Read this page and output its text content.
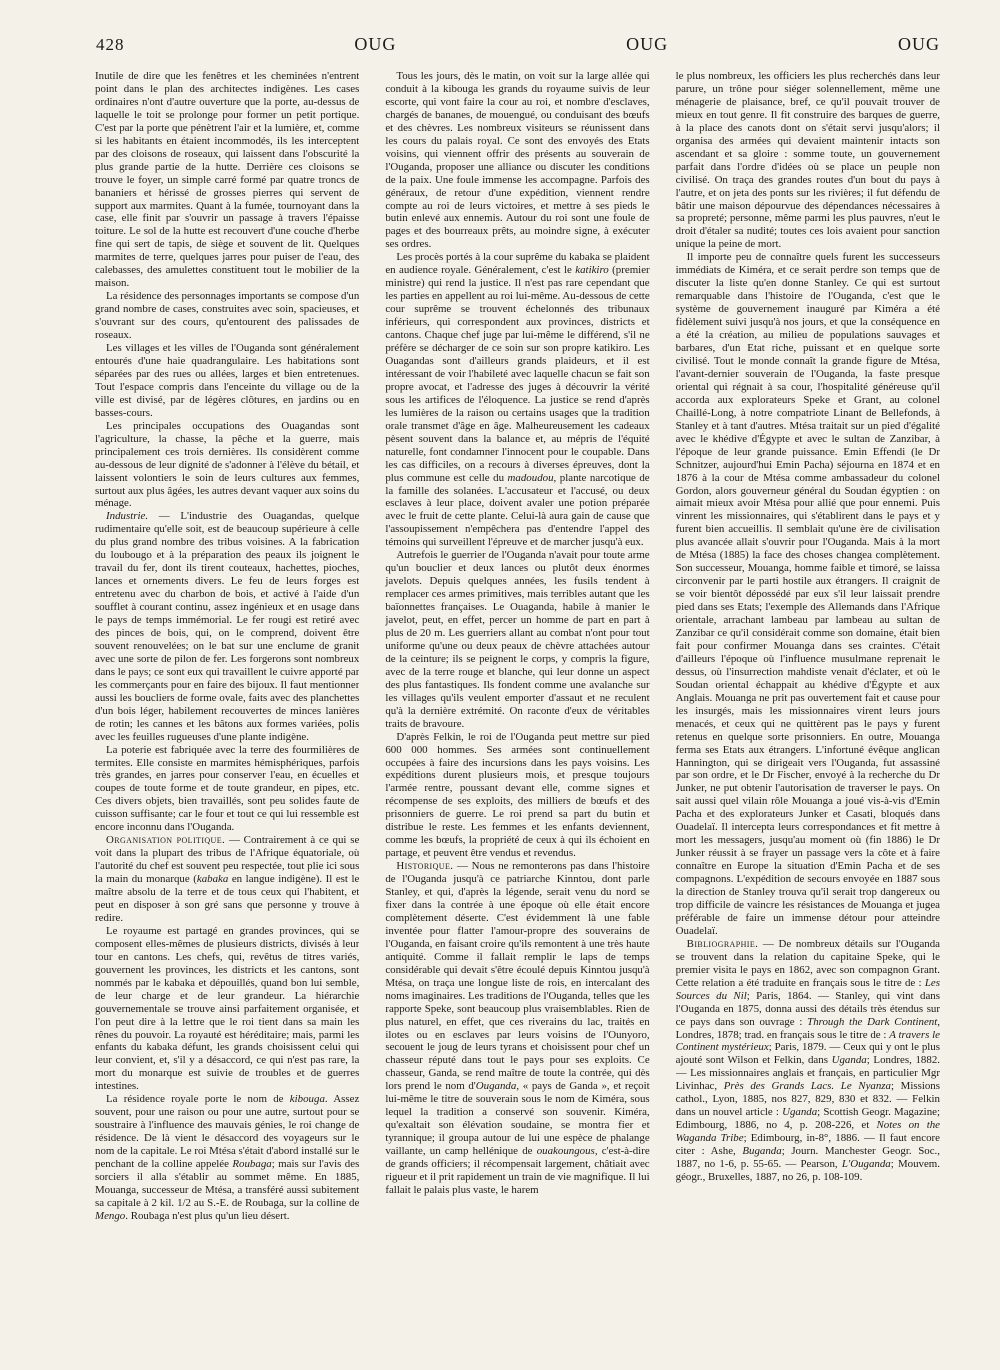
428	OUG	OUG	OUG

Inutile de dire que les fenêtres et les cheminées n'entrent point dans le plan des architectes indigènes. Les cases ordinaires n'ont d'autre ouverture que la porte, au-dessus de laquelle le toit se prolonge pour former un petit portique. C'est par la porte que pénètrent l'air et la lumière, et, comme si les habitants en étaient incommodés, ils les interceptent par des cloisons de roseaux, qui laissent dans l'obscurité la plus grande partie de la hutte. Derrière ces cloisons se trouve le foyer, un simple carré formé par quatre troncs de bananiers et hérissé de grosses pierres qui servent de support aux marmites. Quant à la fumée, tournoyant dans la case, elle finit par s'ouvrir un passage à travers l'épaisse toiture. Le sol de la hutte est recouvert d'une couche d'herbe fine qui sert de tapis, de siège et souvent de lit. Quelques marmites de terre, quelques jarres pour puiser de l'eau, des calebasses, des amulettes constituent tout le mobilier de la maison.

La résidence des personnages importants se compose d'un grand nombre de cases, construites avec soin, spacieuses, et s'ouvrant sur des cours, qu'entourent des palissades de roseaux.

Les villages et les villes de l'Ouganda sont généralement entourés d'une haie quadrangulaire. Les habitations sont séparées par des rues ou allées, larges et bien entretenues. Tout l'espace compris dans l'enceinte du village ou de la ville est divisé, par de légères clôtures, en jardins ou en basses-cours.

Les principales occupations des Ouagandas sont l'agriculture, la chasse, la pêche et la guerre, mais principalement ces trois dernières. Ils considèrent comme au-dessous de leur dignité de s'adonner à l'élève du bétail, et laissent volontiers le soin de leurs cultures aux femmes, surtout aux plus âgées, les autres devant vaquer aux soins du ménage.

Industrie. — L'industrie des Ouagandas, quelque rudimentaire qu'elle soit, est de beaucoup supérieure à celle du plus grand nombre des tribus voisines. A la fabrication du loubougo et à la préparation des peaux ils joignent le travail du fer, dont ils tirent couteaux, hachettes, pioches, lances et ornements divers. Le feu de leurs forges est entretenu avec du charbon de bois, et activé à l'aide d'un soufflet à courant continu, assez ingénieux et en usage dans le pays de temps immémorial. Le fer rougi est retiré avec des pinces de bois, qui, on le comprend, doivent être souvent renouvelées; on le bat sur une enclume de granit avec une sorte de pilon de fer. Les forgerons sont nombreux dans le pays; ce sont eux qui travaillent le cuivre apporté par les commerçants pour en faire des bijoux. Il faut mentionner aussi les boucliers de forme ovale, faits avec des planchettes d'un bois léger, habilement recouvertes de minces lanières de rotin; les cannes et les bâtons aux formes variées, polis avec les feuilles rugueuses d'une plante indigène.

La poterie est fabriquée avec la terre des fourmilières de termites. Elle consiste en marmites hémisphériques, parfois très grandes, en jarres pour conserver l'eau, en écuelles et coupes de toute forme et de toute grandeur, en pipes, etc. Ces divers objets, bien travaillés, sont peu solides faute de cuisson suffisante; car le four et tout ce qui lui ressemble est encore inconnu dans l'Ouganda.

Organisation politique. — Contrairement à ce qui se voit dans la plupart des tribus de l'Afrique équatoriale, où l'autorité du chef est souvent peu respectée, tout plie ici sous la main du monarque (kabaka en langue indigène). Il est le maître absolu de la terre et de tous ceux qui l'habitent, et peut en disposer à son gré sans que personne y trouve à redire.

Le royaume est partagé en grandes provinces, qui se composent elles-mêmes de plusieurs districts, divisés à leur tour en cantons. Les chefs, qui, revêtus de titres variés, gouvernent les provinces, les districts et les cantons, sont nommés par le kabaka et dépouillés, quand bon lui semble, de leur charge et de leur grandeur. La hiérarchie gouvernementale se trouve ainsi parfaitement organisée, et l'on peut dire à la lettre que le roi tient dans sa main les rênes du pouvoir. La royauté est héréditaire; mais, parmi les enfants du kabaka défunt, les grands choisissent celui qui leur convient, et, s'il y a désaccord, ce qui n'est pas rare, la mort du monarque est suivie de troubles et de guerres intestines.

La résidence royale porte le nom de kibouga. Assez souvent, pour une raison ou pour une autre, surtout pour se soustraire à l'influence des mauvais génies, le roi change de résidence. De là vient le désaccord des voyageurs sur le nom de la capitale. Le roi Mtésa s'était d'abord installé sur le penchant de la colline appelée Roubaga; mais sur l'avis des sorciers il alla s'établir au sommet même. En 1885, Mouanga, successeur de Mtésa, a transféré aussi subitement sa capitale à 2 kil. 1/2 au S.-E. de Roubaga, sur la colline de Mengo. Roubaga n'est plus qu'un lieu désert.

Tous les jours, dès le matin, on voit sur la large allée qui conduit à la kibouga les grands du royaume suivis de leur escorte, qui vont faire la cour au roi, et nombre d'esclaves, chargés de bananes, de mouengué, ou conduisant des bœufs et des chèvres. Les nombreux visiteurs se réunissent dans les cours du palais royal. Ce sont des envoyés des Etats voisins, qui viennent offrir des présents au souverain de l'Ouganda, proposer une alliance ou discuter les conditions de la paix. Une foule immense les accompagne. Parfois des généraux, de retour d'une expédition, viennent rendre compte au roi de leurs victoires, et mettre à ses pieds le butin enlevé aux ennemis. Autour du roi sont une foule de pages et des bourreaux prêts, au moindre signe, à exécuter ses ordres.

Les procès portés à la cour suprême du kabaka se plaident en audience royale. Généralement, c'est le katikiro (premier ministre) qui rend la justice. Il n'est pas rare cependant que les parties en appellent au roi lui-même. Au-dessous de cette cour suprême se trouvent échelonnés des tribunaux inférieurs, qui correspondent aux provinces, districts et cantons. Chaque chef juge par lui-même le différend, s'il ne préfère se décharger de ce soin sur son propre katikiro. Les Ouagandas sont d'ailleurs grands plaideurs, et il est intéressant de voir l'habileté avec laquelle chacun se fait son propre avocat, et l'adresse des juges à découvrir la vérité sous les artifices de l'éloquence. La justice se rend d'après les lumières de la raison ou certains usages que la tradition orale transmet d'âge en âge. Malheureusement les cadeaux pèsent souvent dans la balance et, au mépris de l'équité naturelle, font condamner l'innocent pour le coupable. Dans les cas difficiles, on a recours à diverses épreuves, dont la plus commune est celle du madoudou, plante narcotique de la famille des solanées. L'accusateur et l'accusé, ou deux esclaves à leur place, doivent avaler une potion préparée avec le fruit de cette plante. Celui-là aura gain de cause que l'assoupissement n'empêchera pas d'entendre l'appel des témoins qui surveillent l'épreuve et de marcher jusqu'à eux.

Autrefois le guerrier de l'Ouganda n'avait pour toute arme qu'un bouclier et deux lances ou plutôt deux énormes javelots. Depuis quelques années, les fusils tendent à remplacer ces armes primitives, mais terribles autant que les baïonnettes françaises. Le Ouaganda, habile à manier le javelot, peut, en effet, percer un homme de part en part à plus de 20 m. Les guerriers allant au combat n'ont pour tout uniforme qu'une ou deux peaux de chèvre attachées autour de la ceinture; ils se peignent le corps, y compris la figure, avec de la terre rouge et blanche, qui leur donne un aspect des plus fantastiques. Ils fondent comme une avalanche sur les villages qu'ils veulent emporter d'assaut et ne reculent qu'à la dernière extrémité. On raconte d'eux de véritables traits de bravoure.

D'après Felkin, le roi de l'Ouganda peut mettre sur pied 600 000 hommes. Ses armées sont continuellement occupées à faire des incursions dans les pays voisins. Les expéditions durent plusieurs mois, et presque toujours l'armée rentre, poussant devant elle, comme signes et récompense de ses exploits, des milliers de bœufs et des prisonniers de guerre. Le roi prend sa part du butin et distribue le reste. Les femmes et les enfants deviennent, comme les bœufs, la propriété de ceux à qui ils échoient en partage, et peuvent être vendus et revendus.

Historique. — Nous ne remonterons pas dans l'histoire de l'Ouganda jusqu'à ce patriarche Kinntou, dont parle Stanley, et qui, d'après la légende, serait venu du nord se fixer dans la contrée à une époque où elle était encore complètement déserte. C'est évidemment là une fable inventée pour flatter l'amour-propre des souverains de l'Ouganda, en faisant croire qu'ils remontent à une très haute antiquité. Comme il fallait remplir le laps de temps considérable qui devait s'être écoulé depuis Kinntou jusqu'à Mtésa, on traça une longue liste de rois, en intercalant des noms imaginaires. Les traditions de l'Ouganda, telles que les rapporte Speke, sont beaucoup plus vraisemblables. Rien de plus naturel, en effet, que ces riverains du lac, traités en ilotes ou en esclaves par leurs voisins de l'Ounyoro, secouent le joug de leurs tyrans et choisissent pour chef un chasseur réputé dans tout le pays pour ses exploits. Ce chasseur, Ganda, se rend maître de toute la contrée, qui dès lors prend le nom d'Ouganda, « pays de Ganda », et reçoit lui-même le titre de souverain sous le nom de Kiméra, sous lequel la tradition a conservé son souvenir. Kiméra, qu'exaltait son élévation soudaine, se montra fier et tyrannique; il groupa autour de lui une espèce de phalange vaillante, un camp hellénique de ouakoungous, c'est-à-dire de grands officiers; il récompensait largement, châtiait avec rigueur et il prit rapidement un train de vie magnifique. Il lui fallait le palais plus vaste, le harem

le plus nombreux, les officiers les plus recherchés dans leur parure, un trône pour siéger solennellement, même une ménagerie de plaisance, bref, ce qu'il pouvait trouver de mieux en tout genre. Il fit construire des barques de guerre, à la place des canots dont on s'était servi jusqu'alors; il organisa des armées qui devaient maintenir intacts son ascendant et sa gloire : somme toute, un gouvernement parfait dans l'ordre d'idées où se place un peuple non civilisé. On traça des grandes routes d'un bout du pays à l'autre, et on jeta des ponts sur les rivières; il fut défendu de bâtir une maison dépourvue des dépendances nécessaires à sa propreté; personne, même parmi les plus pauvres, n'eut le droit d'étaler sa nudité; toutes ces lois avaient pour sanction unique la peine de mort.

Il importe peu de connaître quels furent les successeurs immédiats de Kiméra, et ce serait perdre son temps que de discuter la liste qu'en donne Stanley. Ce qui est surtout remarquable dans l'histoire de l'Ouganda, c'est que le système de gouvernement inauguré par Kiméra a été fidèlement suivi jusqu'à nos jours, et que la conséquence en a été la création, au milieu de populations sauvages et barbares, d'un Etat riche, puissant et en quelque sorte civilisé. Tout le monde connaît la grande figure de Mtésa, l'avant-dernier souverain de l'Ouganda, la faste presque oriental qui régnait à sa cour, l'hospitalité généreuse qu'il accorda aux explorateurs Speke et Grant, au colonel Chaillé-Long, à notre compatriote Linant de Bellefonds, à Stanley et à tant d'autres. Mtésa traitait sur un pied d'égalité avec le khédive d'Égypte et avec le sultan de Zanzibar, à l'époque de leur grande puissance. Emin Effendi (le Dr Schnitzer, aujourd'hui Emin Pacha) séjourna en 1874 et en 1876 à la cour de Mtésa comme ambassadeur du colonel Gordon, alors gouverneur général du Soudan égyptien : on aimait mieux avoir Mtésa pour allié que pour ennemi. Puis vinrent les missionnaires, qui s'établirent dans le pays et y furent bien accueillis. Il semblait qu'une ère de civilisation plus avancée allait s'ouvrir pour l'Ouganda. Mais à la mort de Mtésa (1885) la face des choses changea complètement. Son successeur, Mouanga, homme faible et timoré, se laissa circonvenir par le parti hostile aux étrangers. Il craignit de se voir bientôt dépossédé par eux s'il leur laissait prendre pied dans ses Etats; l'exemple des Allemands dans l'Afrique orientale, arrachant lambeau par lambeau au sultan de Zanzibar ce qu'il considérait comme son domaine, était bien fait pour confirmer Mouanga dans ses craintes. C'était d'ailleurs l'époque où l'influence musulmane reprenait le dessus, où l'insurrection mahdiste venait d'éclater, et où le Soudan oriental échappait au khédive d'Égypte et aux Anglais. Mouanga ne prit pas ouvertement fait et cause pour les insurgés, mais les missionnaires virent leurs jours menacés, et ceux qui ne quittèrent pas le pays y furent retenus en quelque sorte prisonniers. En outre, Mouanga ferma ses Etats aux étrangers. L'infortuné évêque anglican Hannington, qui se dirigeait vers l'Ouganda, fut assassiné par son ordre, et le Dr Fischer, envoyé à la recherche du Dr Junker, ne put obtenir l'autorisation de traverser le pays. On sait aussi quel vilain rôle Mouanga a joué vis-à-vis d'Emin Pacha et des explorateurs Junker et Casati, bloqués dans Ouadelaï. Il intercepta leurs correspondances et fit mettre à mort les messagers, jusqu'au moment où (fin 1886) le Dr Junker réussit à se frayer un passage vers la côte et à faire connaître en Europe la situation d'Emin Pacha et de ses compagnons. L'expédition de secours envoyée en 1887 sous la direction de Stanley trouva qu'il serait trop dangereux ou trop difficile de vaincre les résistances de Mouanga et jugea préférable de faire un immense détour pour atteindre Ouadelaï.

Bibliographie. — De nombreux détails sur l'Ouganda se trouvent dans la relation du capitaine Speke, qui le premier visita le pays en 1862, avec son compagnon Grant. Cette relation a été traduite en français sous le titre de : Les Sources du Nil; Paris, 1864. — Stanley, qui vint dans l'Ouganda en 1875, donna aussi des détails très étendus sur ce pays dans son ouvrage : Through the Dark Continent, Londres, 1878; trad. en français sous le titre de : A travers le Continent mystérieux; Paris, 1879. — Ceux qui y ont le plus ajouté sont Wilson et Felkin, dans Uganda; Londres, 1882. — Les missionnaires anglais et français, en particulier Mgr Livinhac, Près des Grands Lacs. Le Nyanza; Missions cathol., Lyon, 1885, nos 827, 829, 830 et 832. — Felkin dans un nouvel article : Uganda; Scottish Geogr. Magazine; Edimbourg, 1886, no 4, p. 208-226, et Notes on the Waganda Tribe; Edimbourg, in-8°, 1886. — Il faut encore citer : Ashe, Buganda; Journ. Manchester Geogr. Soc., 1887, no 1-6, p. 55-65. — Pearson, L'Ouganda; Mouvem. géogr., Bruxelles, 1887, no 26, p. 108-109.
